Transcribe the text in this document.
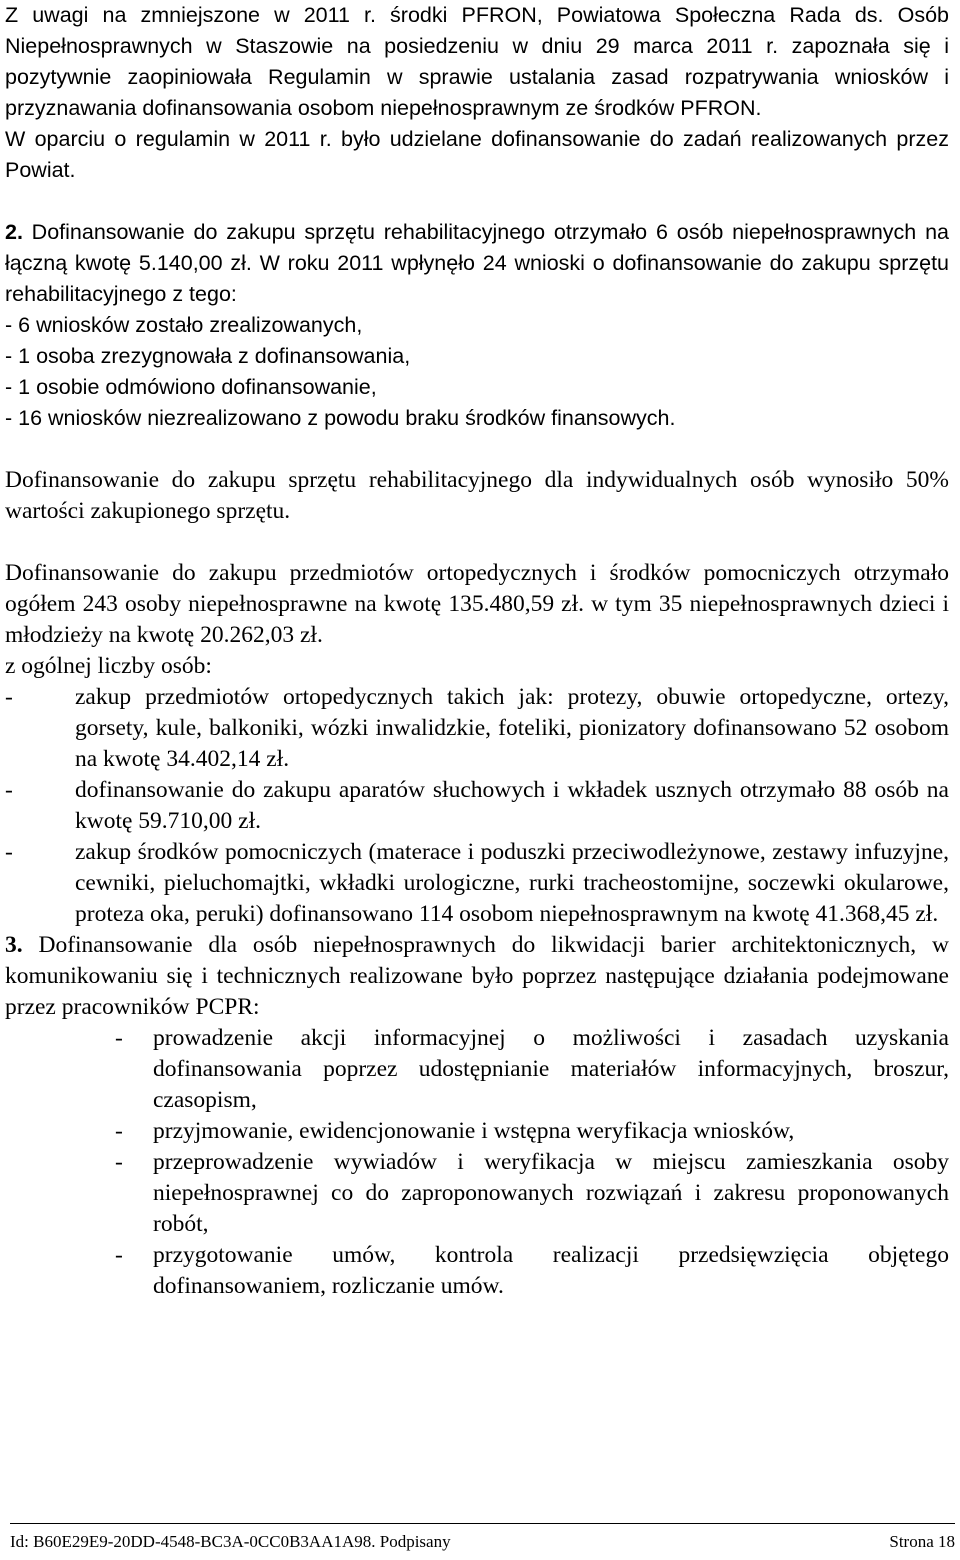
Z uwagi na zmniejszone w 2011 r. środki PFRON, Powiatowa Społeczna Rada ds. Osób Niepełnosprawnych w Staszowie na posiedzeniu w dniu 29 marca 2011 r. zapoznała się i pozytywnie zaopiniowała Regulamin w sprawie ustalania zasad rozpatrywania wniosków i przyznawania dofinansowania osobom niepełnosprawnym ze środków PFRON.

W oparciu o regulamin w 2011 r. było udzielane dofinansowanie do zadań realizowanych przez Powiat.

2. Dofinansowanie do zakupu sprzętu rehabilitacyjnego otrzymało 6 osób niepełnosprawnych na łączną kwotę 5.140,00 zł. W roku 2011 wpłynęło 24 wnioski o dofinansowanie do zakupu sprzętu rehabilitacyjnego z tego:

- 6 wniosków zostało zrealizowanych,
- 1 osoba zrezygnowała z dofinansowania,
- 1 osobie odmówiono dofinansowanie,
- 16 wniosków niezrealizowano z powodu braku środków finansowych.

Dofinansowanie do zakupu sprzętu rehabilitacyjnego dla indywidualnych osób wynosiło 50% wartości zakupionego sprzętu.

Dofinansowanie do zakupu przedmiotów ortopedycznych i środków pomocniczych otrzymało ogółem 243 osoby niepełnosprawne na kwotę 135.480,59 zł. w tym 35 niepełnosprawnych dzieci i młodzieży na kwotę 20.262,03 zł.

z ogólnej liczby osób:

-	zakup przedmiotów ortopedycznych takich jak: protezy, obuwie ortopedyczne, ortezy, gorsety, kule, balkoniki, wózki inwalidzkie, foteliki, pionizatory dofinansowano 52 osobom na kwotę 34.402,14 zł.
-	dofinansowanie do zakupu aparatów słuchowych i wkładek usznych otrzymało 88 osób na kwotę 59.710,00 zł.
-	zakup środków pomocniczych (materace i poduszki przeciwodleżynowe, zestawy infuzyjne, cewniki, pieluchomajtki, wkładki urologiczne, rurki tracheostomijne, soczewki okularowe, proteza oka, peruki) dofinansowano 114 osobom niepełnosprawnym na kwotę 41.368,45 zł.

3. Dofinansowanie dla osób niepełnosprawnych do likwidacji barier architektonicznych, w komunikowaniu się i technicznych realizowane było poprzez następujące działania podejmowane przez pracowników PCPR:

-	prowadzenie akcji informacyjnej o możliwości i zasadach uzyskania dofinansowania poprzez udostępnianie materiałów informacyjnych, broszur, czasopism,
-	przyjmowanie, ewidencjonowanie i wstępna weryfikacja wniosków,
-	przeprowadzenie wywiadów i weryfikacja w miejscu zamieszkania osoby niepełnosprawnej co do zaproponowanych rozwiązań i zakresu proponowanych robót,
-	przygotowanie umów, kontrola realizacji przedsięwzięcia objętego dofinansowaniem, rozliczanie umów.
Id: B60E29E9-20DD-4548-BC3A-0CC0B3AA1A98. Podpisany	Strona 18
